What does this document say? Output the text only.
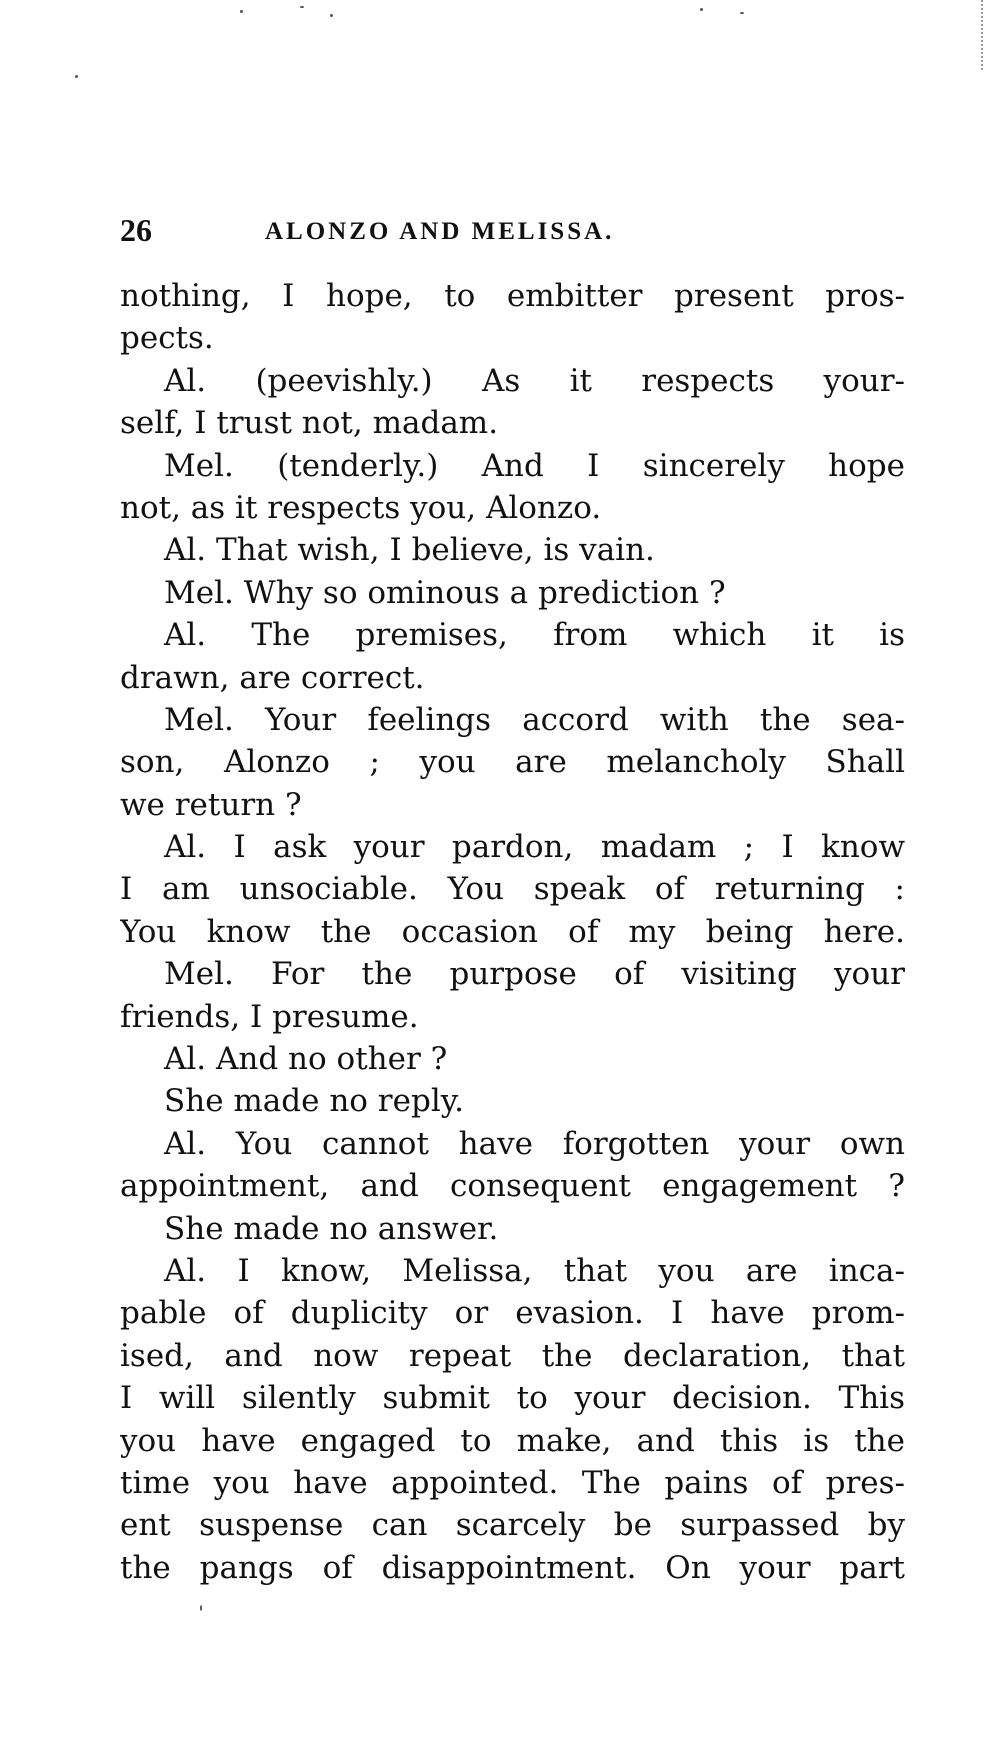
26	ALONZO AND MELISSA.
nothing, I hope, to embitter present pros-
pects.
Al. (peevishly.) As it respects your-
self, I trust not, madam.
Mel. (tenderly.) And I sincerely hope
not, as it respects you, Alonzo.
Al. That wish, I believe, is vain.
Mel. Why so ominous a prediction ?
Al. The premises, from which it is
drawn, are correct.
Mel. Your feelings accord with the sea-
son, Alonzo ; you are melancholy Shall
we return ?
Al. I ask your pardon, madam ; I know
I am unsociable. You speak of returning :
You know the occasion of my being here.
Mel. For the purpose of visiting your
friends, I presume.
Al. And no other ?
She made no reply.
Al. You cannot have forgotten your own
appointment, and consequent engagement ?
She made no answer.
Al. I know, Melissa, that you are inca-
pable of duplicity or evasion. I have prom-
ised, and now repeat the declaration, that
I will silently submit to your decision. This
you have engaged to make, and this is the
time you have appointed. The pains of pres-
ent suspense can scarcely be surpassed by
the pangs of disappointment. On your part
